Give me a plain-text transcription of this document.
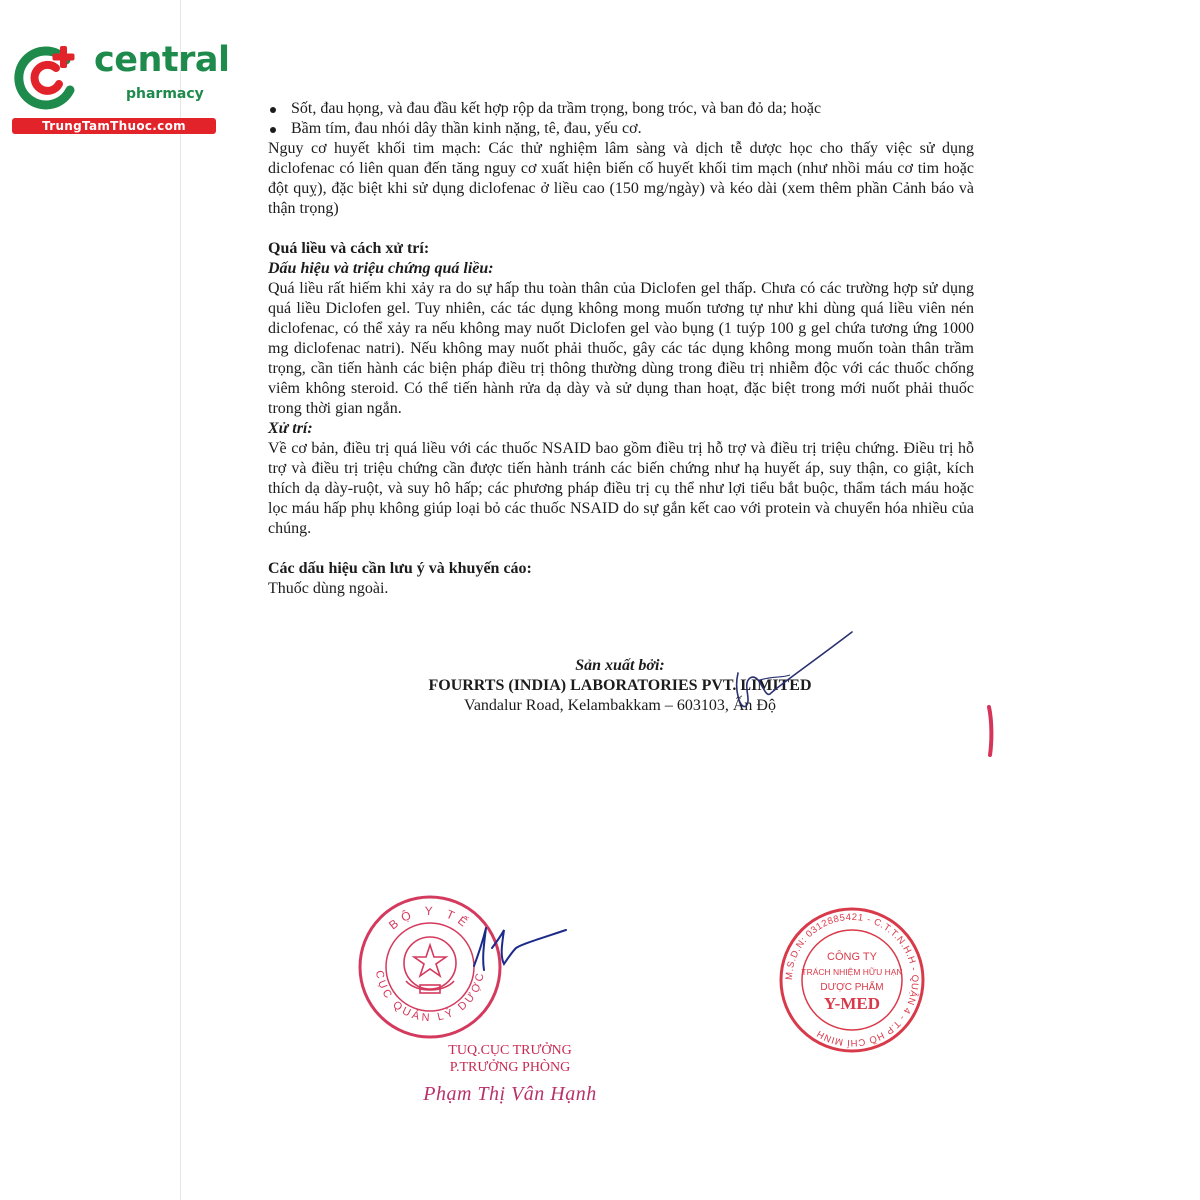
central
pharmacy
TrungTamThuoc.com
Sốt, đau họng, và đau đầu kết hợp rộp da trầm trọng, bong tróc, và ban đỏ da; hoặc
Bầm tím, đau nhói dây thần kinh nặng, tê, đau, yếu cơ.

Nguy cơ huyết khối tim mạch: Các thử nghiệm lâm sàng và dịch tễ dược học cho thấy việc sử dụng diclofenac có liên quan đến tăng nguy cơ xuất hiện biến cố huyết khối tim mạch (như nhồi máu cơ tim hoặc đột quỵ), đặc biệt khi sử dụng diclofenac ở liều cao (150 mg/ngày) và kéo dài (xem thêm phần Cảnh báo và thận trọng)

Quá liều và cách xử trí:

Dấu hiệu và triệu chứng quá liều:

Quá liều rất hiếm khi xảy ra do sự hấp thu toàn thân của Diclofen gel thấp. Chưa có các trường hợp sử dụng quá liều Diclofen gel. Tuy nhiên, các tác dụng không mong muốn tương tự như khi dùng quá liều viên nén diclofenac, có thể xảy ra nếu không may nuốt Diclofen gel vào bụng (1 tuýp 100 g gel chứa tương ứng 1000 mg diclofenac natri). Nếu không may nuốt phải thuốc, gây các tác dụng không mong muốn toàn thân trầm trọng, cần tiến hành các biện pháp điều trị thông thường dùng trong điều trị nhiễm độc với các thuốc chống viêm không steroid. Có thể tiến hành rửa dạ dày và sử dụng than hoạt, đặc biệt trong mới nuốt phải thuốc trong thời gian ngắn.

Xử trí:

Về cơ bản, điều trị quá liều với các thuốc NSAID bao gồm điều trị hỗ trợ và điều trị triệu chứng. Điều trị hỗ trợ và điều trị triệu chứng cần được tiến hành tránh các biến chứng như hạ huyết áp, suy thận, co giật, kích thích dạ dày-ruột, và suy hô hấp; các phương pháp điều trị cụ thể như lợi tiểu bắt buộc, thẩm tách máu hoặc lọc máu hấp phụ không giúp loại bỏ các thuốc NSAID do sự gắn kết cao với protein và chuyển hóa nhiều của chúng.

Các dấu hiệu cần lưu ý và khuyến cáo:

Thuốc dùng ngoài.

Sản xuất bởi:
FOURRTS (INDIA) LABORATORIES PVT. LIMITED
Vandalur Road, Kelambakkam – 603103, Ấn Độ
BỘ Y TẾ
CỤC QUẢN LÝ DƯỢC
TUQ.CỤC TRƯỞNG
P.TRƯỞNG PHÒNG
Phạm Thị Vân Hạnh
M.S.D.N: 0312885421 - C.T.T.N.H.H - QUẬN 4 - T.P HỒ CHÍ MINH
CÔNG TY
TRÁCH NHIỆM HỮU HẠN
DƯỢC PHẨM
Y-MED
